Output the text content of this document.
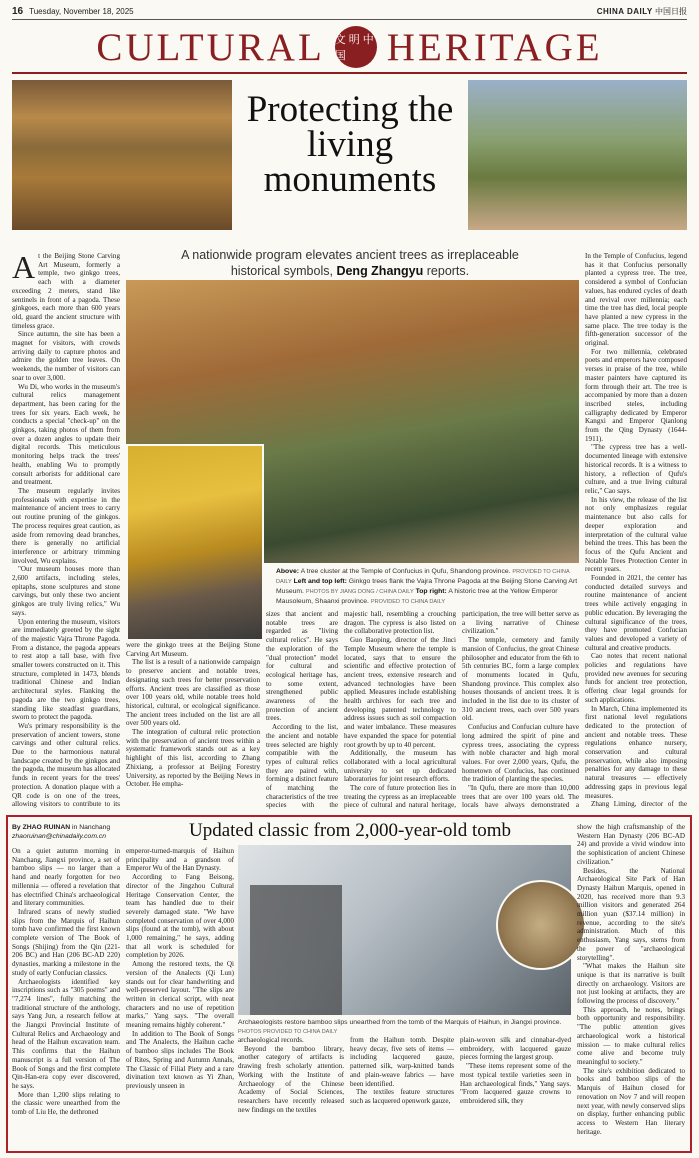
16 Tuesday, November 18, 2025	CHINA DAILY 中国日报
CULTURAL 文明中国 HERITAGE
Protecting the living monuments
A nationwide program elevates ancient trees as irreplaceable historical symbols, Deng Zhangyu reports.

At the Beijing Stone Carving Art Museum, formerly a temple, two ginkgo trees, each with a diameter exceeding 2 meters, stand like sentinels in front of a pagoda. These ginkgoes, each more than 600 years old, guard the ancient structure with timeless grace.

Since autumn, the site has been a magnet for visitors, with crowds arriving daily to capture photos and admire the golden tree leaves. On weekends, the number of visitors can soar to over 3,000.

Wu Di, who works in the museum's cultural relics management department, has been caring for the trees for six years. Each week, he conducts a special "check-up" on the ginkgos, taking photos of them from over a dozen angles to update their digital records. This meticulous monitoring helps track the trees' health, enabling Wu to promptly consult arborists for additional care and treatment.

The museum regularly invites professionals with expertise in the maintenance of ancient trees to carry out routine pruning of the ginkgos. The process requires great caution, as aside from removing dead branches, there is generally no artificial interference or arbitrary trimming involved, Wu explains.

"Our museum houses more than 2,600 artifacts, including steles, epitaphs, stone sculptures and stone carvings, but only these two ancient ginkgos are truly living relics," Wu says.

Upon entering the museum, visitors are immediately greeted by the sight of the majestic Vajra Throne Pagoda. From a distance, the pagoda appears to rest atop a tall base, with five smaller towers constructed on it. This structure, completed in 1473, blends traditional Chinese and Indian architectural styles. Flanking the pagoda are the two ginkgo trees, standing like steadfast guardians, sworn to protect the pagoda.

Wu's primary responsibility is the preservation of ancient towers, stone carvings and other cultural relics. Due to the harmonious natural landscape created by the ginkgos and the pagoda, the museum has allocated funds in recent years for the trees' protection. A donation plaque with a QR code is on one of the trees, allowing visitors to contribute to its

Above: A tree cluster at the Temple of Confucius in Qufu, Shandong province. PROVIDED TO CHINA DAILY Left and top left: Ginkgo trees flank the Vajra Throne Pagoda at the Beijing Stone Carving Art Museum. PHOTOS BY JIANG DONG / CHINA DAILY Top right: A historic tree at the Yellow Emperor Mausoleum, Shaanxi province. PROVIDED TO CHINA DAILY

were the ginkgo trees at the Beijing Stone Carving Art Museum.

The list is a result of a nationwide campaign to preserve ancient and notable trees, designating such trees for better preservation efforts. Ancient trees are classified as those over 100 years old, while notable trees hold historical, cultural, or ecological significance. The ancient trees included on the list are all over 500 years old.

The integration of cultural relic protection with the preservation of ancient trees within a systematic framework stands out as a key highlight of this list, according to Zhang Zhixiang, a professor at Beijing Forestry University, as reported by the Beijing News in October. He empha-

sizes that ancient and notable trees are regarded as "living cultural relics". He says the exploration of the "dual protection" model for cultural and ecological heritage has, to some extent, strengthened public awareness of the protection of ancient trees.

According to the list, the ancient and notable trees selected are highly compatible with the types of cultural relics they are paired with, forming a distinct feature of matching the characteristics of the tree species with the

majestic hall, resembling a crouching dragon. The cypress is also listed on the collaborative protection list.

Guo Baoping, director of the Jinci Temple Museum where the temple is located, says that to ensure the scientific and effective protection of ancient trees, extensive research and advanced technologies have been applied. Measures include establishing health archives for each tree and developing patented technology to address issues such as soil compaction and water imbalance. These measures have expanded the space for potential root growth by up to 40 percent.

Additionally, the museum has collaborated with a local agricultural university to set up dedicated laboratories for joint research efforts.

The core of future protection lies in treating the cypress as an irreplaceable piece of cultural and natural heritage,

participation, the tree will better serve as a living narrative of Chinese civilization."

The temple, cemetery and family mansion of Confucius, the great Chinese philosopher and educator from the 6th to 5th centuries BC, form a large complex of monuments located in Qufu, Shandong province. This complex also houses thousands of ancient trees. It is included in the list due to its cluster of 310 ancient trees, each over 500 years old.

Confucius and Confucian culture have long admired the spirit of pine and cypress trees, associating the cypress with noble character and high moral values. For over 2,000 years, Qufu, the hometown of Confucius, has continued the tradition of planting the species.

"In Qufu, there are more than 10,000 trees that are over 100 years old. The locals have always demonstrated a

In the Temple of Confucius, legend has it that Confucius personally planted a cypress tree. The tree, considered a symbol of Confucian values, has endured cycles of death and revival over millennia; each time the tree has died, local people have planted a new cypress in the same place. The tree today is the fifth-generation successor of the original.

For two millennia, celebrated poets and emperors have composed verses in praise of the tree, while master painters have captured its form through their art. The tree is accompanied by more than a dozen inscribed steles, including calligraphy dedicated by Emperor Kangxi and Emperor Qianlong from the Qing Dynasty (1644-1911).

"The cypress tree has a well-documented lineage with extensive historical records. It is a witness to history, a reflection of Qufu's culture, and a true living cultural relic," Cao says.

In his view, the release of the list not only emphasizes regular maintenance but also calls for deeper exploration and interpretation of the cultural value behind the trees. This has been the focus of the Qufu Ancient and Notable Trees Protection Center in recent years.

Founded in 2021, the center has conducted detailed surveys and routine maintenance of ancient trees while actively engaging in public education. By leveraging the cultural significance of the trees, they have promoted Confucian values and developed a variety of cultural and creative products.

Cao notes that recent national policies and regulations have provided new avenues for securing funds for ancient tree protection, offering clear legal grounds for such applications.

In March, China implemented its first national level regulations dedicated to the protection of ancient and notable trees. These regulations enhance nursery, conservation and cultural preservation, while also imposing penalties for any damage to these natural treasures — effectively addressing gaps in previous legal measures.

Zhang Liming, director of the

By ZHAO RUINAN in Nanchang
zhaoruinan@chinadaily.com.cn	Updated classic from 2,000-year-old tomb
Archaeologists restore bamboo slips unearthed from the tomb of the Marquis of Haihun, in Jiangxi province. PHOTOS PROVIDED TO CHINA DAILY

On a quiet autumn morning in Nanchang, Jiangxi province, a set of bamboo slips — no larger than a hand and nearly forgotten for two millennia — offered a revelation that has electrified China's archaeological and literary communities.

Infrared scans of newly studied slips from the Marquis of Haihun tomb have confirmed the first known complete version of The Book of Songs (Shijing) from the Qin (221-206 BC) and Han (206 BC-AD 220) dynasties, marking a milestone in the study of early Confucian classics.

Archaeologists identified key inscriptions such as "305 poems" and "7,274 lines", fully matching the traditional structure of the anthology, says Yang Jun, a research fellow at the Jiangxi Provincial Institute of Cultural Relics and Archaeology and head of the Haihun excavation team. This confirms that the Haihun manuscript is a full version of The Book of Songs and the first complete Qin-Han-era copy ever discovered, he says.

More than 1,200 slips relating to the classic were unearthed from the tomb of Liu He, the dethroned

emperor-turned-marquis of Haihun principality and a grandson of Emperor Wu of the Han Dynasty.

According to Fang Beisong, director of the Jingzhou Cultural Heritage Conservation Center, the team has handled due to their severely damaged state. "We have completed conservation of over 4,000 slips (found at the tomb), with about 1,000 remaining," he says, adding that all work is scheduled for completion by 2026.

Among the restored texts, the Qi version of the Analects (Qi Lun) stands out for clear handwriting and well-preserved layout. "The slips are written in clerical script, with neat characters and no use of repetition marks," Yang says. "The overall meaning remains highly coherent."

In addition to The Book of Songs and The Analects, the Haihun cache of bamboo slips includes The Book of Rites, Spring and Autumn Annals, The Classic of Filial Piety and a rare divination text known as Yi Zhan, previously unseen in

archaeological records.

Beyond the bamboo library, another category of artifacts is drawing fresh scholarly attention. Working with the Institute of Archaeology of the Chinese Academy of Social Sciences, researchers have recently released new findings on the textiles

from the Haihun tomb. Despite heavy decay, five sets of items — including lacquered gauze, patterned silk, warp-knitted bands and plain-weave fabrics — have been identified.

The textiles feature structures such as lacquered openwork gauze,

plain-woven silk and cinnabar-dyed embroidery, with lacquered gauze pieces forming the largest group.

"These items represent some of the most typical textile varieties seen in Han archaeological finds," Yang says. "From lacquered gauze crowns to embroidered silk, they

show the high craftsmanship of the Western Han Dynasty (206 BC-AD 24) and provide a vivid window into the sophistication of ancient Chinese civilization."

Besides, the National Archaeological Site Park of Han Dynasty Haihun Marquis, opened in 2020, has received more than 9.3 million visitors and generated 264 million yuan ($37.14 million) in revenue, according to the site's administration. Much of this enthusiasm, Yang says, stems from the power of "archaeological storytelling".

"What makes the Haihun site unique is that its narrative is built directly on archaeology. Visitors are not just looking at artifacts, they are following the process of discovery."

This approach, he notes, brings both opportunity and responsibility. "The public attention gives archaeological work a historical mission — to make cultural relics come alive and become truly meaningful to society."

The site's exhibition dedicated to books and bamboo slips of the Marquis of Haihun closed for renovation on Nov 7 and will reopen next year, with newly conserved slips on display, further enhancing public access to Western Han literary heritage.
